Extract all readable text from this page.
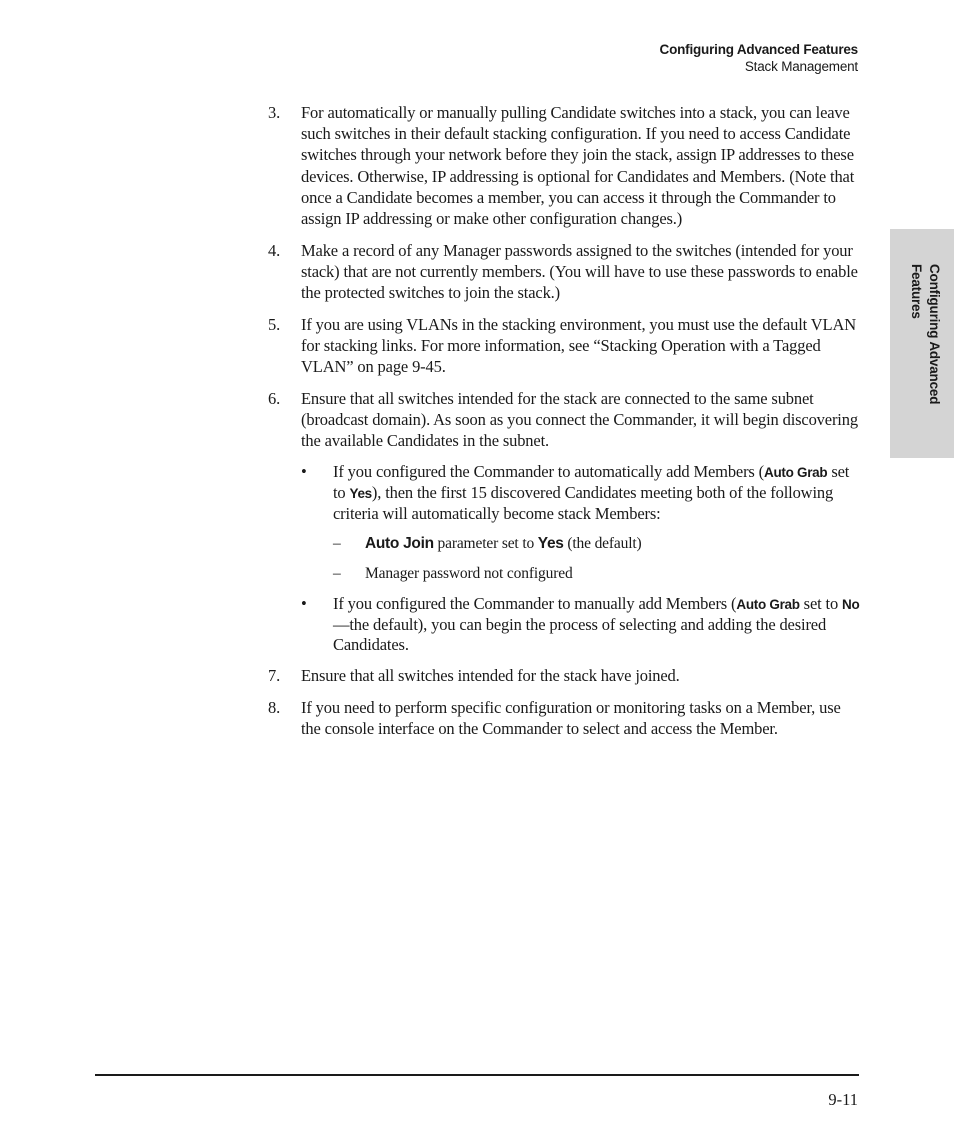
Configuring Advanced Features
Stack Management
Configuring Advanced Features
3. For automatically or manually pulling Candidate switches into a stack, you can leave such switches in their default stacking configuration. If you need to access Candidate switches through your network before they join the stack, assign IP addresses to these devices. Otherwise, IP addressing is optional for Candidates and Members. (Note that once a Candidate becomes a member, you can access it through the Commander to assign IP addressing or make other configuration changes.)

4. Make a record of any Manager passwords assigned to the switches (intended for your stack) that are not currently members. (You will have to use these passwords to enable the protected switches to join the stack.)

5. If you are using VLANs in the stacking environment, you must use the default VLAN for stacking links. For more information, see “Stacking Operation with a Tagged VLAN” on page 9-45.

6. Ensure that all switches intended for the stack are connected to the same subnet (broadcast domain). As soon as you connect the Commander, it will begin discovering the available Candidates in the subnet.

• If you configured the Commander to automatically add Members (Auto Grab set to Yes), then the first 15 discovered Candidates meeting both of the following criteria will automatically become stack Members:
– Auto Join parameter set to Yes (the default)
– Manager password not configured
• If you configured the Commander to manually add Members (Auto Grab set to No—the default), you can begin the process of selecting and adding the desired Candidates.
7. Ensure that all switches intended for the stack have joined.

8. If you need to perform specific configuration or monitoring tasks on a Member, use the console interface on the Commander to select and access the Member.

9-11
